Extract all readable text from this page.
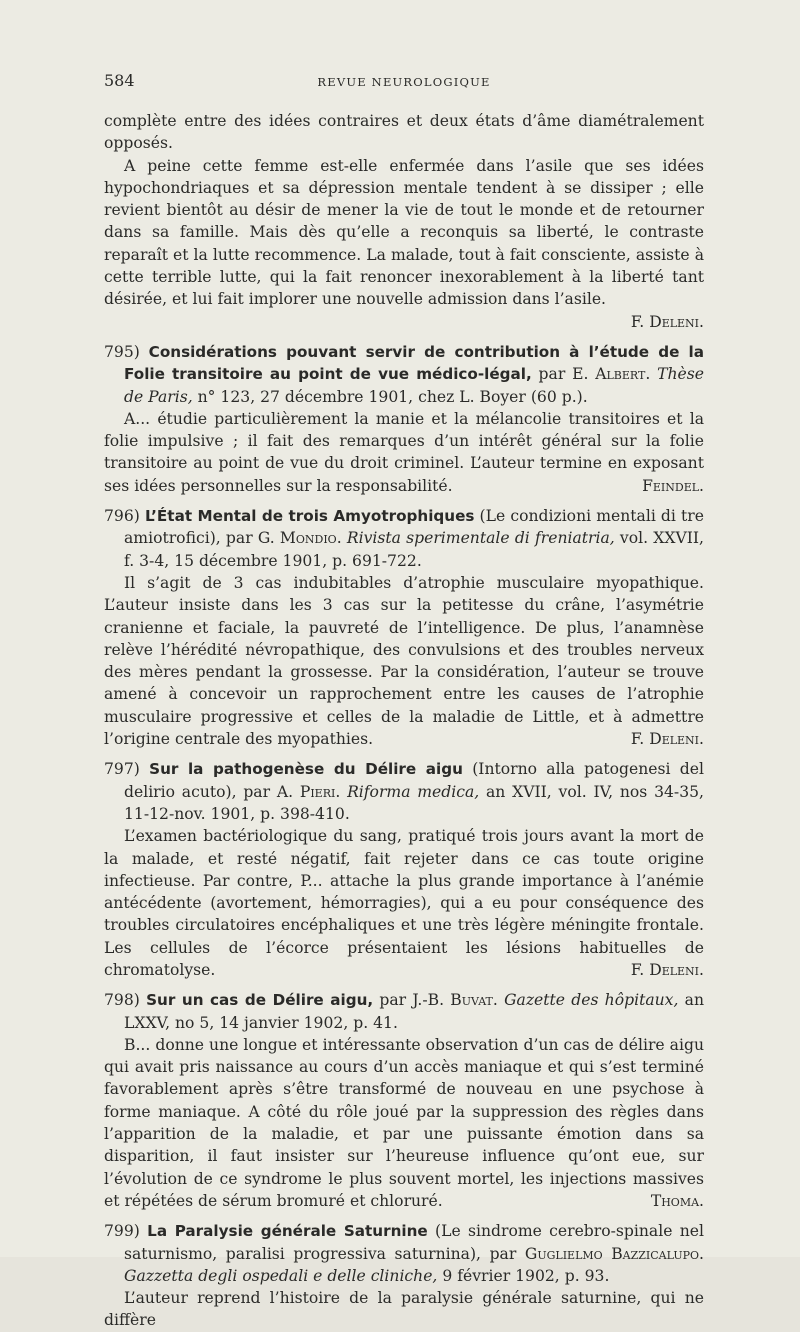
584	REVUE NEUROLOGIQUE

complète entre des idées contraires et deux états d’âme diamétralement opposés.

A peine cette femme est-elle enfermée dans l’asile que ses idées hypochondriaques et sa dépression mentale tendent à se dissiper ; elle revient bientôt au désir de mener la vie de tout le monde et de retourner dans sa famille. Mais dès qu’elle a reconquis sa liberté, le contraste reparaît et la lutte recommence. La malade, tout à fait consciente, assiste à cette terrible lutte, qui la fait renoncer inexorablement à la liberté tant désirée, et lui fait implorer une nouvelle admission dans l’asile.
F. Deleni.

795) Considérations pouvant servir de contribution à l’étude de la Folie transitoire au point de vue médico-légal, par E. Albert. Thèse de Paris, n° 123, 27 décembre 1901, chez L. Boyer (60 p.).

A... étudie particulièrement la manie et la mélancolie transitoires et la folie impulsive ; il fait des remarques d’un intérêt général sur la folie transitoire au point de vue du droit criminel. L’auteur termine en exposant ses idées personnelles sur la responsabilité.	Feindel.

796) L’État Mental de trois Amyotrophiques (Le condizioni mentali di tre amiotrofici), par G. Mondio. Rivista sperimentale di freniatria, vol. XXVII, f. 3-4, 15 décembre 1901, p. 691-722.

Il s’agit de 3 cas indubitables d’atrophie musculaire myopathique. L’auteur insiste dans les 3 cas sur la petitesse du crâne, l’asymétrie cranienne et faciale, la pauvreté de l’intelligence. De plus, l’anamnèse relève l’hérédité névropathique, des convulsions et des troubles nerveux des mères pendant la grossesse. Par la considération, l’auteur se trouve amené à concevoir un rapprochement entre les causes de l’atrophie musculaire progressive et celles de la maladie de Little, et à admettre l’origine centrale des myopathies.	F. Deleni.

797) Sur la pathogenèse du Délire aigu (Intorno alla patogenesi del delirio acuto), par A. Pieri. Riforma medica, an XVII, vol. IV, nos 34-35, 11-12-nov. 1901, p. 398-410.

L’examen bactériologique du sang, pratiqué trois jours avant la mort de la malade, et resté négatif, fait rejeter dans ce cas toute origine infectieuse. Par contre, P... attache la plus grande importance à l’anémie antécédente (avortement, hémorragies), qui a eu pour conséquence des troubles circulatoires encéphaliques et une très légère méningite frontale. Les cellules de l’écorce présentaient les lésions habituelles de chromatolyse.	F. Deleni.

798) Sur un cas de Délire aigu, par J.-B. Buvat. Gazette des hôpitaux, an LXXV, no 5, 14 janvier 1902, p. 41.

B... donne une longue et intéressante observation d’un cas de délire aigu qui avait pris naissance au cours d’un accès maniaque et qui s’est terminé favorablement après s’être transformé de nouveau en une psychose à forme maniaque. A côté du rôle joué par la suppression des règles dans l’apparition de la maladie, et par une puissante émotion dans sa disparition, il faut insister sur l’heureuse influence qu’ont eue, sur l’évolution de ce syndrome le plus souvent mortel, les injections massives et répétées de sérum bromuré et chloruré.	Thoma.

799) La Paralysie générale Saturnine (Le sindrome cerebro-spinale nel saturnismo, paralisi progressiva saturnina), par Guglielmo Bazzicalupo. Gazzetta degli ospedali e delle cliniche, 9 février 1902, p. 93.

L’auteur reprend l’histoire de la paralysie générale saturnine, qui ne diffère
